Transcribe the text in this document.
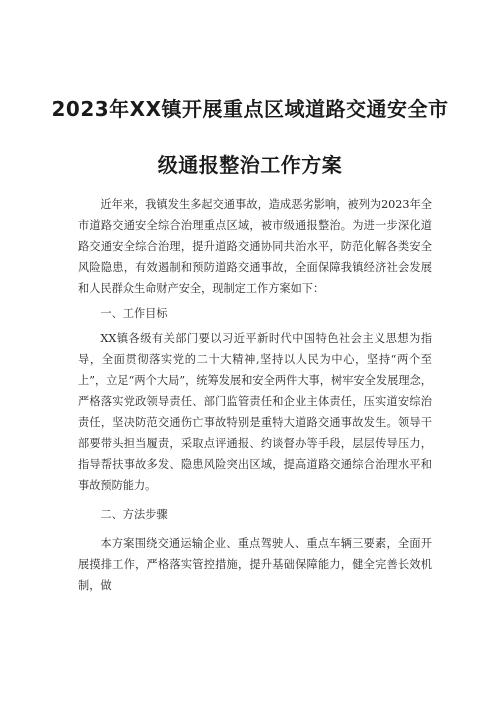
2023年XX镇开展重点区域道路交通安全市
级通报整治工作方案

近年来，我镇发生多起交通事故，造成恶劣影响，被列为2023年全市道路交通安全综合治理重点区域，被市级通报整治。为进一步深化道路交通安全综合治理，提升道路交通协同共治水平，防范化解各类安全风险隐患，有效遏制和预防道路交通事故，全面保障我镇经济社会发展和人民群众生命财产安全，现制定工作方案如下：

一、工作目标

XX镇各级有关部门要以习近平新时代中国特色社会主义思想为指导，全面贯彻落实党的二十大精神,坚持以人民为中心，坚持“两个至上”，立足“两个大局”，统筹发展和安全两件大事，树牢安全发展理念，严格落实党政领导责任、部门监管责任和企业主体责任，压实道安综治责任，坚决防范交通伤亡事故特别是重特大道路交通事故发生。领导干部要带头担当履责，采取点评通报、约谈督办等手段，层层传导压力，指导帮扶事故多发、隐患风险突出区域，提高道路交通综合治理水平和事故预防能力。

二、方法步骤

本方案围绕交通运输企业、重点驾驶人、重点车辆三要素，全面开展摸排工作，严格落实管控措施，提升基础保障能力，健全完善长效机制，做
